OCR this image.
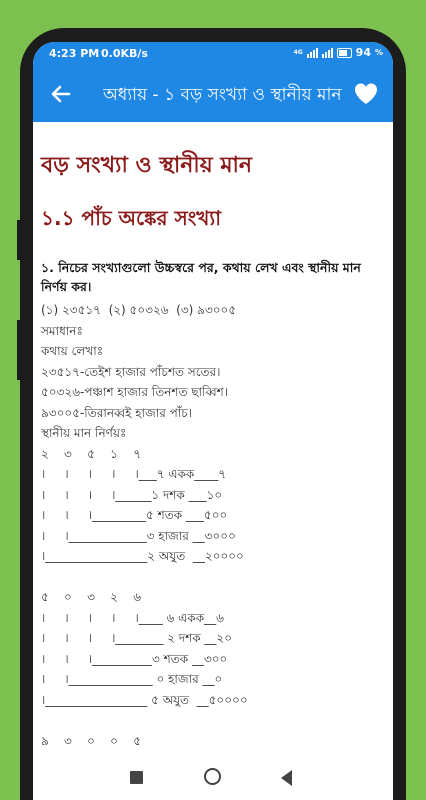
4:23 PM 0.0KB/s	4G	94 %
অধ্যায় - ১ বড় সংখ্যা ও স্থানীয় মান
বড় সংখ্যা ও স্থানীয় মান
১.১ পাঁচ অঙ্কের সংখ্যা
১. নিচের সংখ্যাগুলো উচ্চস্বরে পর, কথায় লেখ এবং স্থানীয় মান নির্ণয় কর।
(১) ২৩৫১৭  (২) ৫০৩২৬  (৩) ৯৩০০৫
সমাধানঃ
কথায় লেখাঃ
২৩৫১৭-তেইশ হাজার পাঁচশত সতের।
৫০৩২৬-পঞ্চাশ হাজার তিনশত ছাব্বিশ।
৯৩০০৫-তিরানব্বই হাজার পাঁচ।
স্থানীয় মান নির্ণয়ঃ
২    ৩    ৫    ১    ৭
।     ।     ।     ।     ।___৭ একক____৭
।     ।     ।     ।______১ দশক ___১০
।     ।     ।_________৫ শতক ___৫০০
।     ।_____________৩ হাজার __৩০০০
।_________________২ অযুত  __২০০০০

৫    ০    ৩    ২    ৬
।     ।     ।     ।     ।____ ৬ একক__৬
।     ।     ।     ।________ ২ দশক __২০
।     ।     ।__________৩ শতক __৩০০
।     ।______________ ০ হাজার __০
।_________________ ৫ অযুত  __৫০০০০

৯    ৩    ০    ০    ৫
